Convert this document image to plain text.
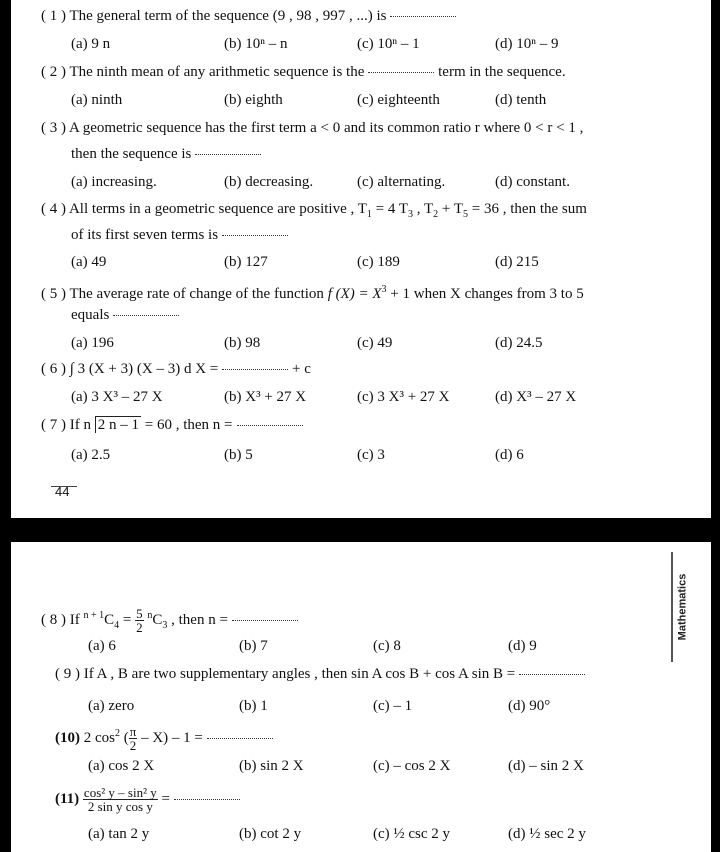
( 1 ) The general term of the sequence (9 , 98 , 997 , ...) is
(a) 9 n	(b) 10ⁿ – n	(c) 10ⁿ – 1	(d) 10ⁿ – 9
( 2 ) The ninth mean of any arithmetic sequence is the	term in the sequence.
(a) ninth	(b) eighth	(c) eighteenth	(d) tenth
( 3 ) A geometric sequence has the first term a < 0 and its common ratio r where 0 < r < 1 ,
then the sequence is
(a) increasing.	(b) decreasing.	(c) alternating.	(d) constant.
( 4 ) All terms in a geometric sequence are positive , $T_1 = 4$ $T_3$ , $T_2 + T_5 = 36$ , then the sum
of its first seven terms is
(a) 49	(b) 127	(c) 189	(d) 215
( 5 ) The average rate of change of the function f $(X) = X^3 + 1$ when X changes from 3 to 5
equals
(a) 196	(b) 98	(c) 49	(d) 24.5
( 6 ) ∫ 3 (X + 3) (X – 3) d X =	+ c
(a) 3 X³ – 27 X	(b) X³ + 27 X	(c) 3 X³ + 27 X	(d) X³ – 27 X
( 7 ) If n 2 n – 1 = 60 , then n =
(a) 2.5	(b) 5	(c) 3	(d) 6
44
Mathematics
( 8 ) If $^{n + 1}C_4 = \frac{5}{2} ^nC_3$ , then n =
(a) 6	(b) 7	(c) 8	(d) 9
( 9 ) If A , B are two supplementary angles , then sin A cos B + cos A sin B =
(a) zero	(b) 1	(c) – 1	(d) 90°
(10) 2 $\cos^2$ ( $\frac{\pi}{2} - X) - 1$ =
(a) cos 2 X	(b) sin 2 X	(c) – cos 2 X	(d) – sin 2 X
$(11) \frac{\text{cos² y – sin² y}}{\text{2 sin y cos y}}$ =
(a) tan 2 y	(b) cot 2 y	(c) ½ csc 2 y	(d) ½ sec 2 y
